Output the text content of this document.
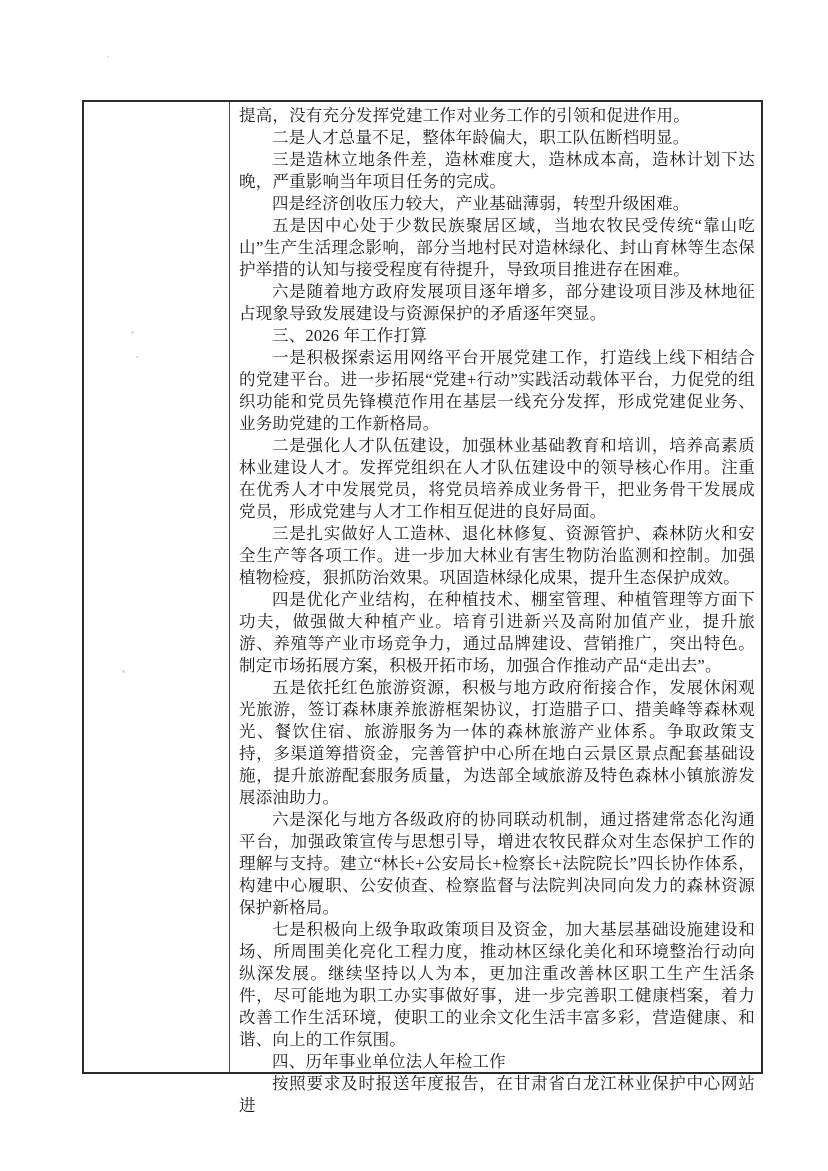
提高，没有充分发挥党建工作对业务工作的引领和促进作用。

二是人才总量不足，整体年龄偏大，职工队伍断档明显。

三是造林立地条件差，造林难度大，造林成本高，造林计划下达晚，严重影响当年项目任务的完成。

四是经济创收压力较大，产业基础薄弱，转型升级困难。

五是因中心处于少数民族聚居区域，当地农牧民受传统“靠山吃山”生产生活理念影响，部分当地村民对造林绿化、封山育林等生态保护举措的认知与接受程度有待提升，导致项目推进存在困难。

六是随着地方政府发展项目逐年增多，部分建设项目涉及林地征占现象导致发展建设与资源保护的矛盾逐年突显。

三、2026 年工作打算

一是积极探索运用网络平台开展党建工作，打造线上线下相结合的党建平台。进一步拓展“党建+行动”实践活动载体平台，力促党的组织功能和党员先锋模范作用在基层一线充分发挥，形成党建促业务、业务助党建的工作新格局。

二是强化人才队伍建设，加强林业基础教育和培训，培养高素质林业建设人才。发挥党组织在人才队伍建设中的领导核心作用。注重在优秀人才中发展党员，将党员培养成业务骨干，把业务骨干发展成党员，形成党建与人才工作相互促进的良好局面。

三是扎实做好人工造林、退化林修复、资源管护、森林防火和安全生产等各项工作。进一步加大林业有害生物防治监测和控制。加强植物检疫，狠抓防治效果。巩固造林绿化成果，提升生态保护成效。

四是优化产业结构，在种植技术、棚室管理、种植管理等方面下功夫，做强做大种植产业。培育引进新兴及高附加值产业，提升旅游、养殖等产业市场竞争力，通过品牌建设、营销推广，突出特色。制定市场拓展方案，积极开拓市场，加强合作推动产品“走出去”。

五是依托红色旅游资源，积极与地方政府衔接合作，发展休闲观光旅游，签订森林康养旅游框架协议，打造腊子口、措美峰等森林观光、餐饮住宿、旅游服务为一体的森林旅游产业体系。争取政策支持，多渠道筹措资金，完善管护中心所在地白云景区景点配套基础设施，提升旅游配套服务质量，为迭部全域旅游及特色森林小镇旅游发展添油助力。

六是深化与地方各级政府的协同联动机制，通过搭建常态化沟通平台，加强政策宣传与思想引导，增进农牧民群众对生态保护工作的理解与支持。建立“林长+公安局长+检察长+法院院长”四长协作体系，构建中心履职、公安侦查、检察监督与法院判决同向发力的森林资源保护新格局。

七是积极向上级争取政策项目及资金，加大基层基础设施建设和场、所周围美化亮化工程力度，推动林区绿化美化和环境整治行动向纵深发展。继续坚持以人为本，更加注重改善林区职工生产生活条件，尽可能地为职工办实事做好事，进一步完善职工健康档案，着力改善工作生活环境，使职工的业余文化生活丰富多彩，营造健康、和谐、向上的工作氛围。

四、历年事业单位法人年检工作

按照要求及时报送年度报告，在甘肃省白龙江林业保护中心网站进
